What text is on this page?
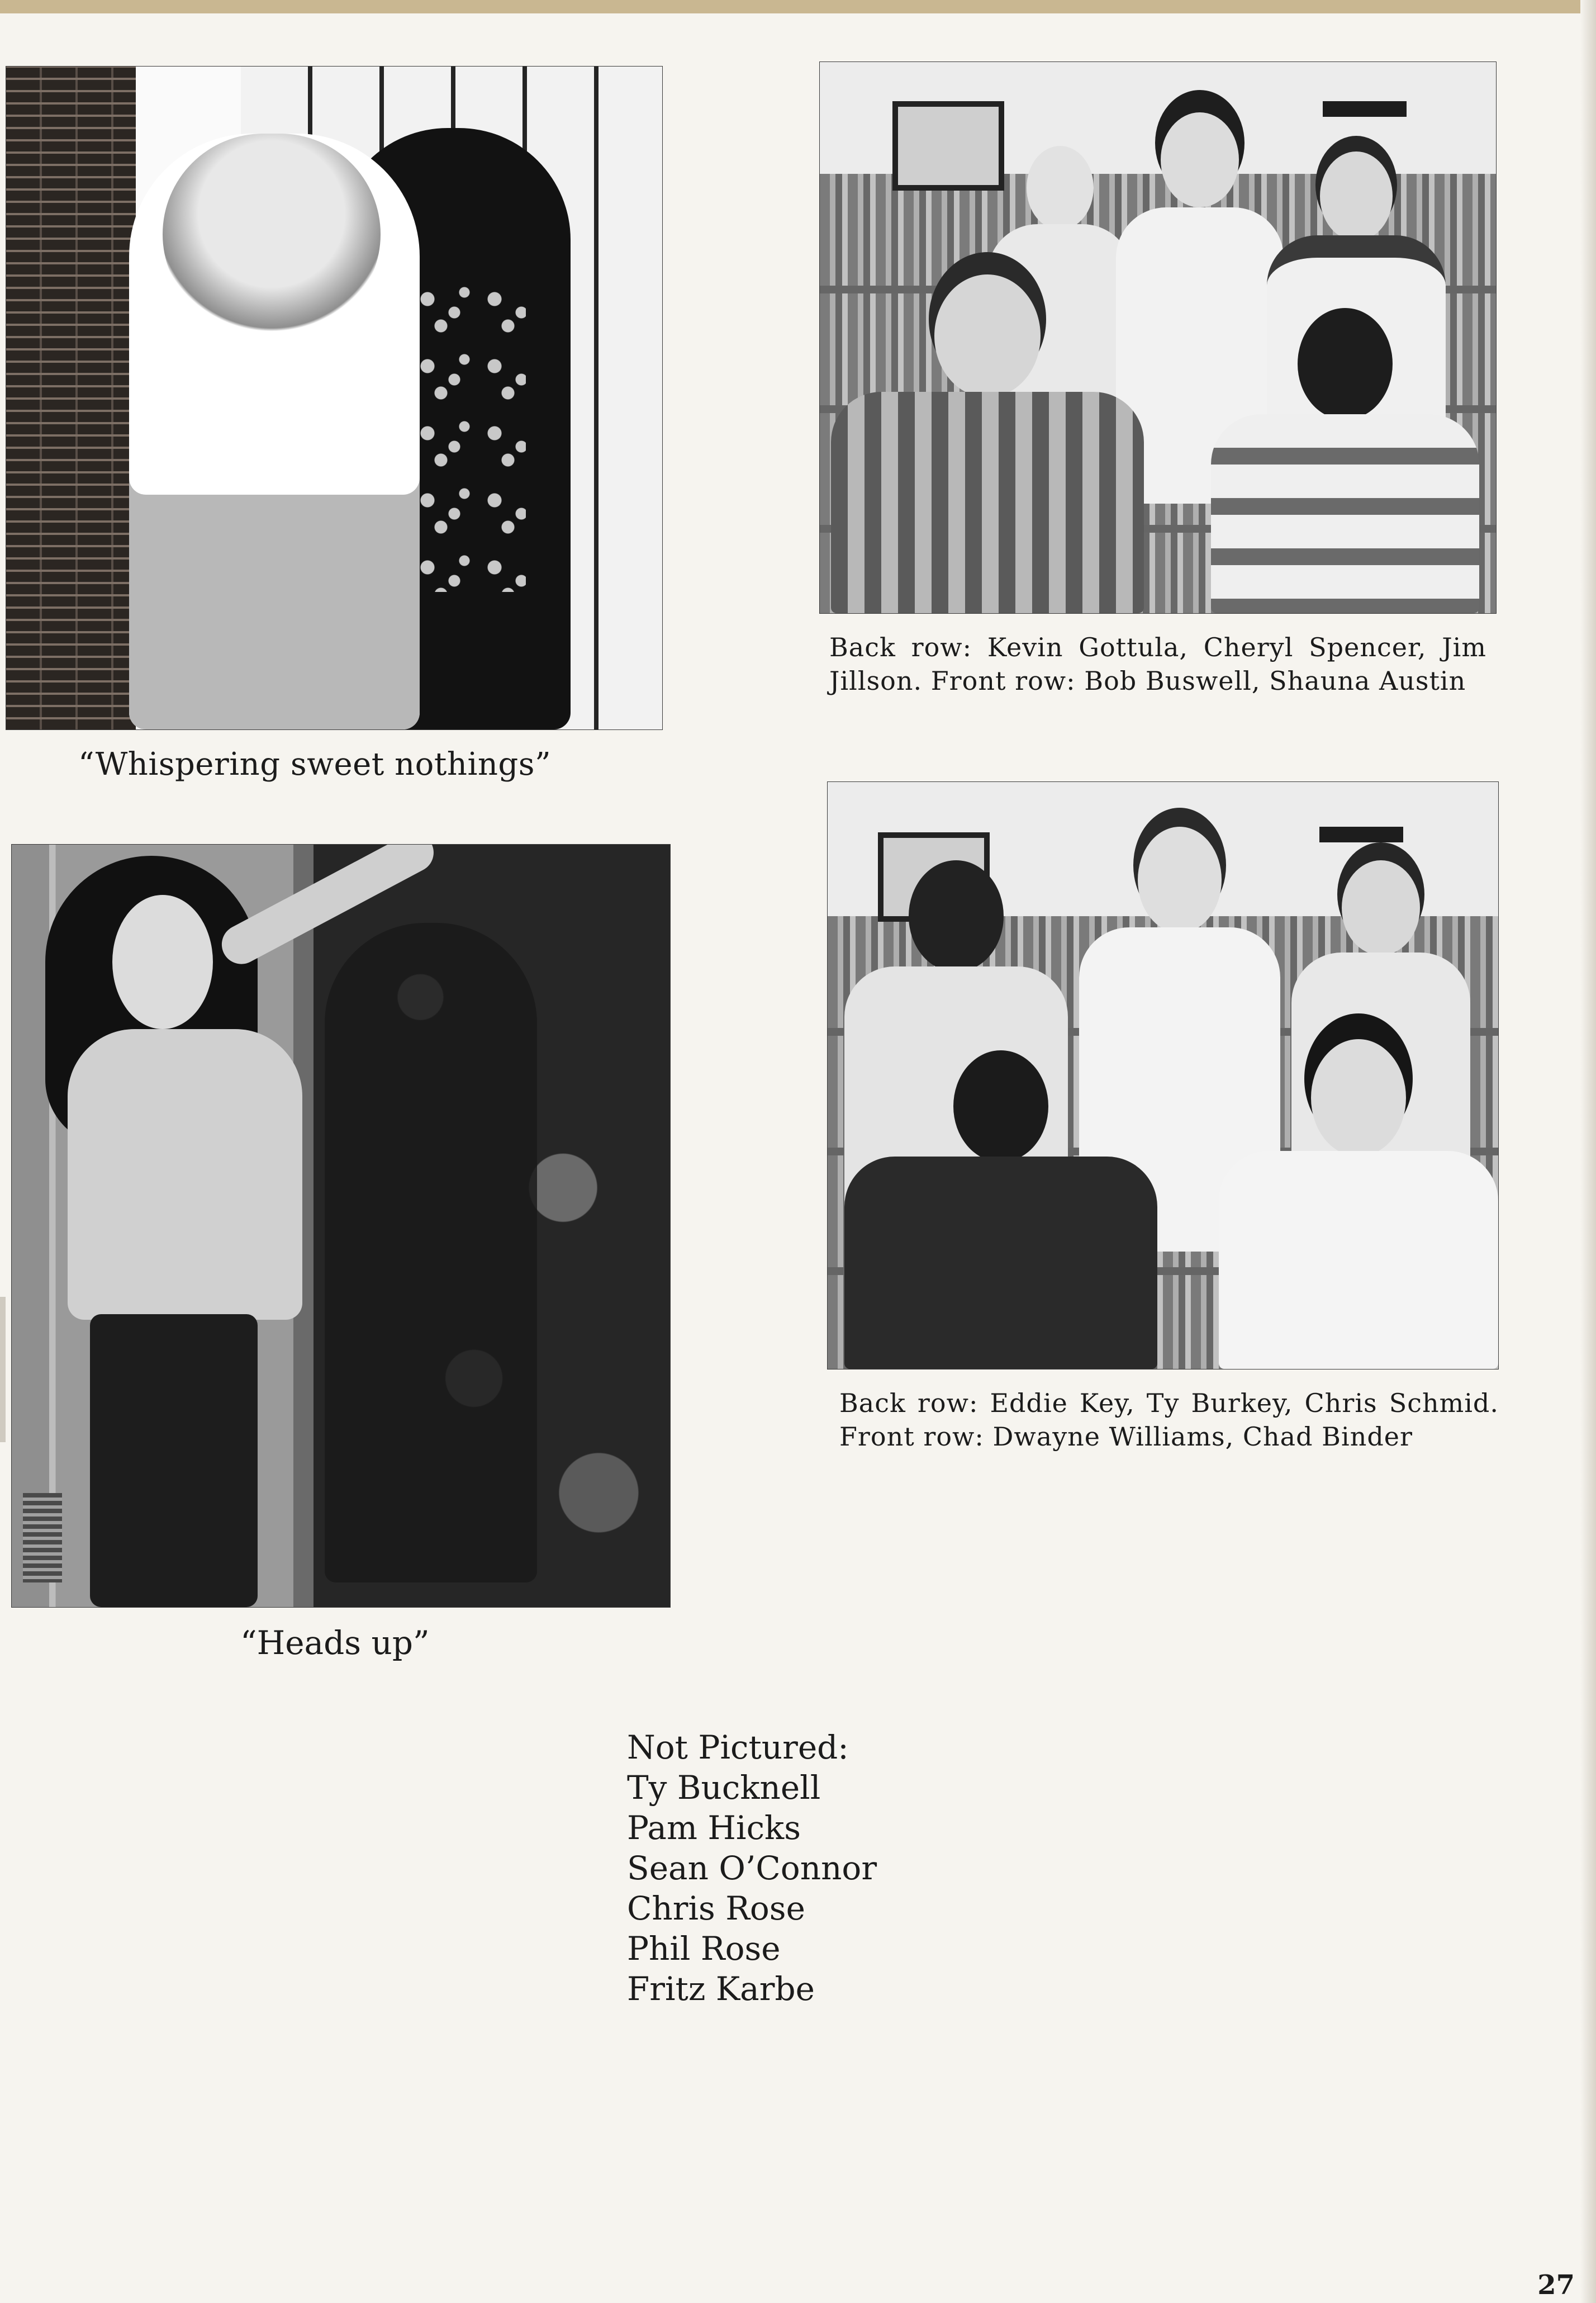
“Whispering sweet nothings”

Back row: Kevin Gottula, Cheryl Spencer, Jim Jillson. Front row: Bob Buswell, Shauna Austin

“Heads up”

Back row: Eddie Key, Ty Burkey, Chris Schmid. Front row: Dwayne Williams, Chad Binder

Not Pictured:
Ty Bucknell
Pam Hicks
Sean O’Connor
Chris Rose
Phil Rose
Fritz Karbe
27
